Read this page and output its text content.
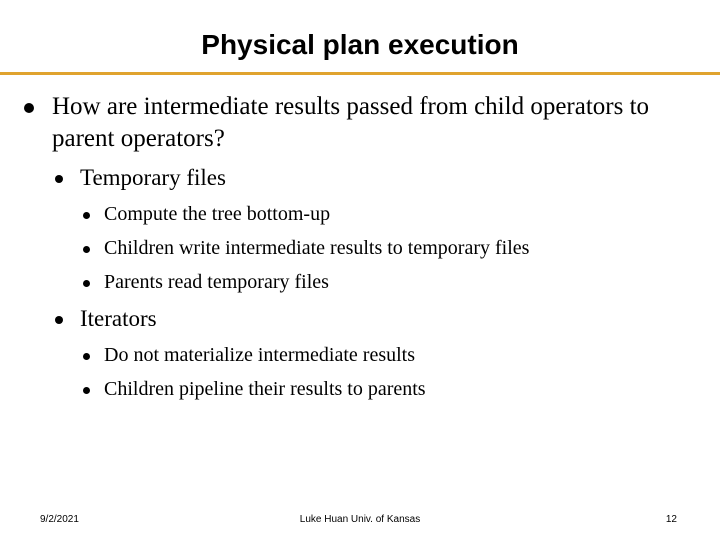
Physical plan execution
How are intermediate results passed from child operators to parent operators?
Temporary files
Compute the tree bottom-up
Children write intermediate results to temporary files
Parents read temporary files
Iterators
Do not materialize intermediate results
Children pipeline their results to parents
9/2/2021	Luke Huan Univ. of Kansas	12
